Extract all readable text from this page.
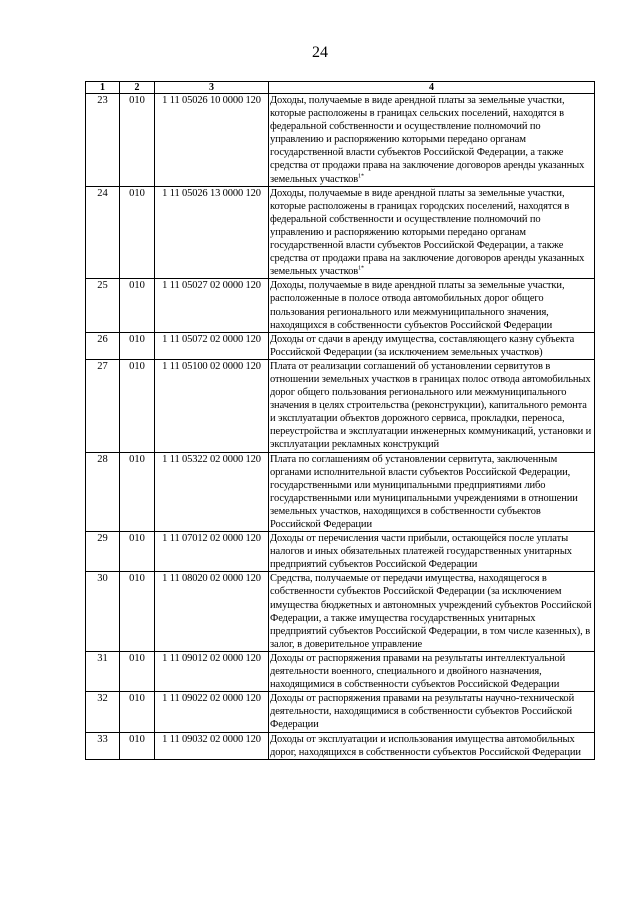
24
1	2	3	4
23	010	1 11 05026 10 0000 120	Доходы, получаемые в виде арендной платы за земельные участки, которые расположены в границах сельских поселений, находятся в федеральной собственности и осуществление полномочий по управлению и распоряжению которыми передано органам государственной власти субъектов Российской Федерации, а также средства от продажи права на заключение договоров аренды указанных земельных участков$^{1*}$
24	010	1 11 05026 13 0000 120	Доходы, получаемые в виде арендной платы за земельные участки, которые расположены в границах городских поселений, находятся в федеральной собственности и осуществление полномочий по управлению и распоряжению которыми передано органам государственной власти субъектов Российской Федерации, а также средства от продажи права на заключение договоров аренды указанных земельных участков$^{1*}$
25	010	1 11 05027 02 0000 120	Доходы, получаемые в виде арендной платы за земельные участки, расположенные в полосе отвода автомобильных дорог общего пользования регионального или межмуниципального значения, находящихся в собственности субъектов Российской Федерации
26	010	1 11 05072 02 0000 120	Доходы от сдачи в аренду имущества, составляющего казну субъекта Российской Федерации (за исключением земельных участков)
27	010	1 11 05100 02 0000 120	Плата от реализации соглашений об установлении сервитутов в отношении земельных участков в границах полос отвода автомобильных дорог общего пользования регионального или межмуниципального значения в целях строительства (реконструкции), капитального ремонта и эксплуатации объектов дорожного сервиса, прокладки, переноса, переустройства и эксплуатации инженерных коммуникаций, установки и эксплуатации рекламных конструкций
28	010	1 11 05322 02 0000 120	Плата по соглашениям об установлении сервитута, заключенным органами исполнительной власти субъектов Российской Федерации, государственными или муниципальными предприятиями либо государственными или муниципальными учреждениями в отношении земельных участков, находящихся в собственности субъектов Российской Федерации
29	010	1 11 07012 02 0000 120	Доходы от перечисления части прибыли, остающейся после уплаты налогов и иных обязательных платежей государственных унитарных предприятий субъектов Российской Федерации
30	010	1 11 08020 02 0000 120	Средства, получаемые от передачи имущества, находящегося в собственности субъектов Российской Федерации (за исключением имущества бюджетных и автономных учреждений субъектов Российской Федерации, а также имущества государственных унитарных предприятий субъектов Российской Федерации, в том числе казенных), в залог, в доверительное управление
31	010	1 11 09012 02 0000 120	Доходы от распоряжения правами на результаты интеллектуальной деятельности военного, специального и двойного назначения, находящимися в собственности субъектов Российской Федерации
32	010	1 11 09022 02 0000 120	Доходы от распоряжения правами на результаты научно-технической деятельности, находящимися в собственности субъектов Российской Федерации
33	010	1 11 09032 02 0000 120	Доходы от эксплуатации и использования имущества автомобильных дорог, находящихся в собственности субъектов Российской Федерации
